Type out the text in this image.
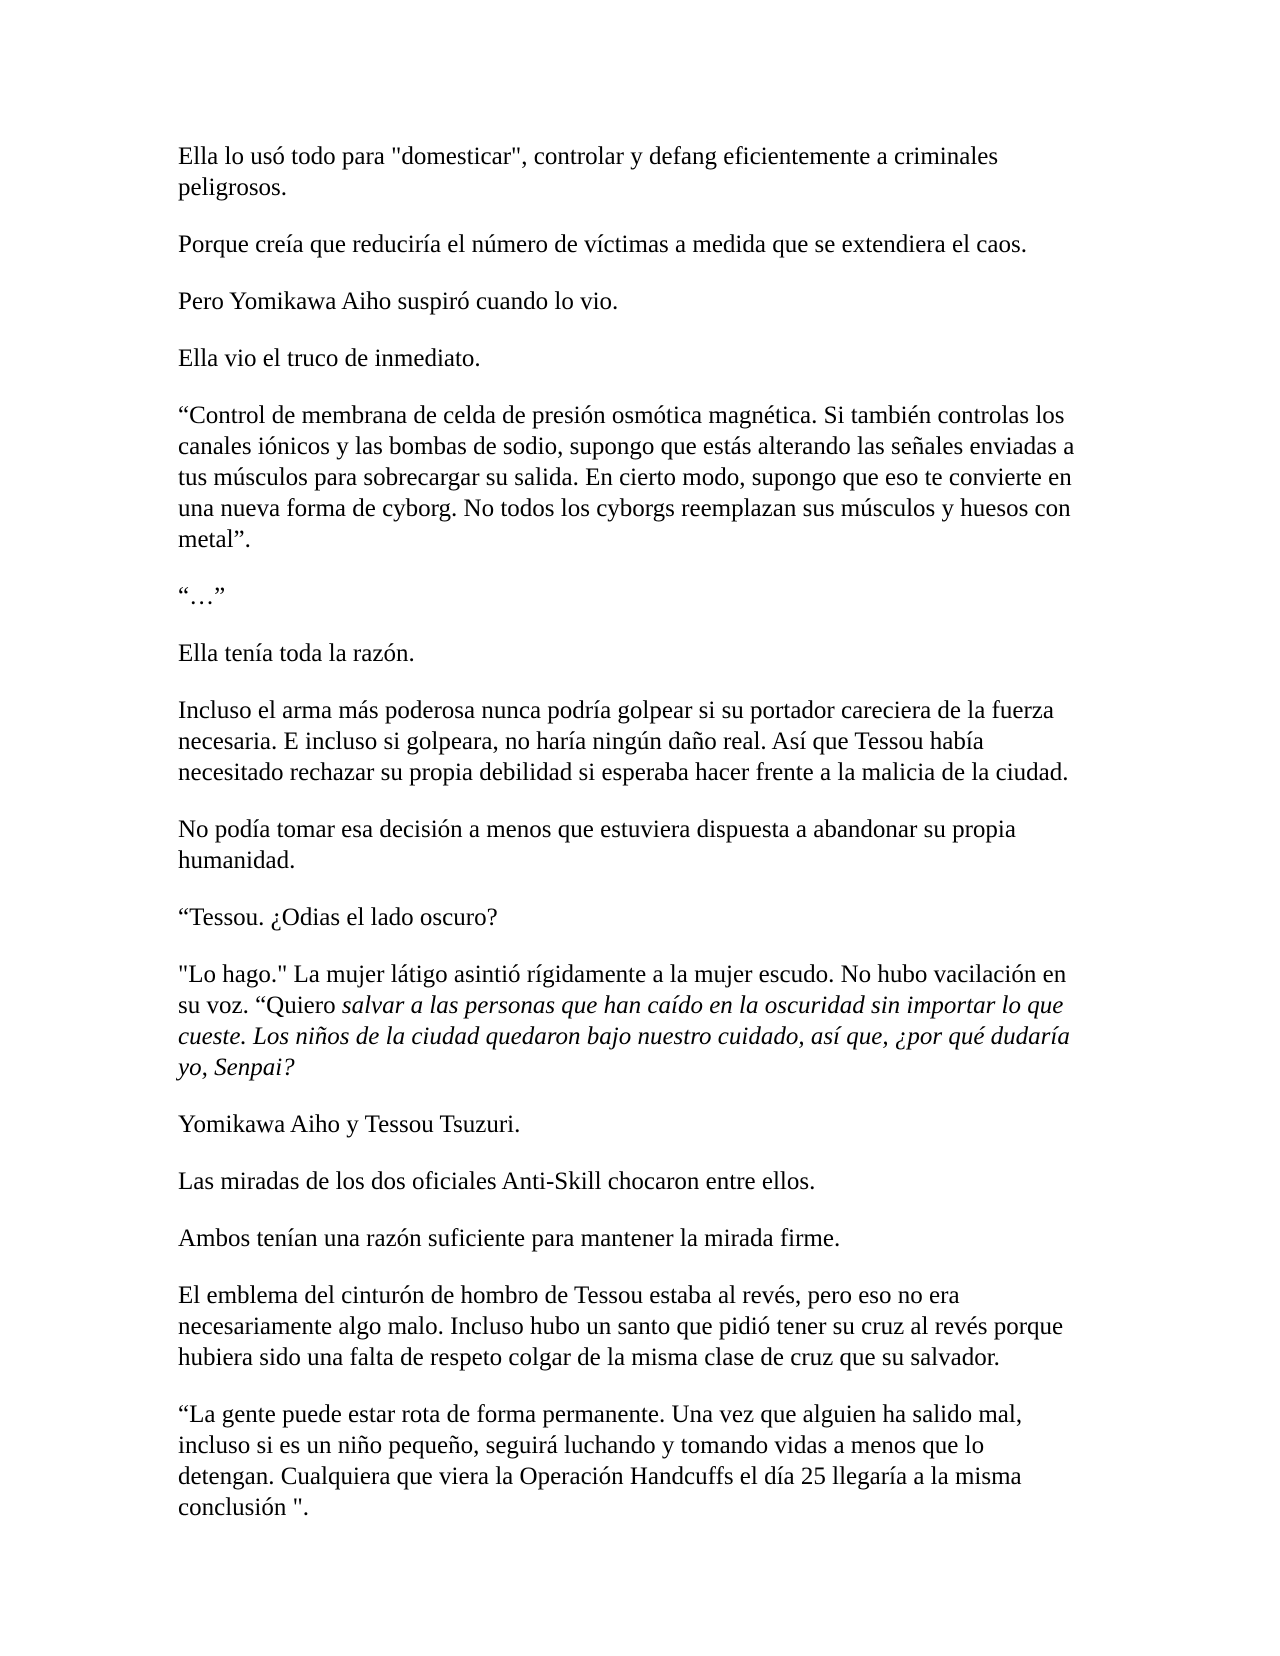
Ella lo usó todo para "domesticar", controlar y defang eficientemente a criminales peligrosos.

Porque creía que reduciría el número de víctimas a medida que se extendiera el caos.

Pero Yomikawa Aiho suspiró cuando lo vio.

Ella vio el truco de inmediato.

“Control de membrana de celda de presión osmótica magnética. Si también controlas los canales iónicos y las bombas de sodio, supongo que estás alterando las señales enviadas a tus músculos para sobrecargar su salida. En cierto modo, supongo que eso te convierte en una nueva forma de cyborg. No todos los cyborgs reemplazan sus músculos y huesos con metal”.

“…”

Ella tenía toda la razón.

Incluso el arma más poderosa nunca podría golpear si su portador careciera de la fuerza necesaria. E incluso si golpeara, no haría ningún daño real. Así que Tessou había necesitado rechazar su propia debilidad si esperaba hacer frente a la malicia de la ciudad.

No podía tomar esa decisión a menos que estuviera dispuesta a abandonar su propia humanidad.

“Tessou. ¿Odias el lado oscuro?

"Lo hago." La mujer látigo asintió rígidamente a la mujer escudo. No hubo vacilación en su voz. “Quiero salvar a las personas que han caído en la oscuridad sin importar lo que cueste. Los niños de la ciudad quedaron bajo nuestro cuidado, así que, ¿por qué dudaría yo, Senpai?

Yomikawa Aiho y Tessou Tsuzuri.

Las miradas de los dos oficiales Anti-Skill chocaron entre ellos.

Ambos tenían una razón suficiente para mantener la mirada firme.

El emblema del cinturón de hombro de Tessou estaba al revés, pero eso no era necesariamente algo malo. Incluso hubo un santo que pidió tener su cruz al revés porque hubiera sido una falta de respeto colgar de la misma clase de cruz que su salvador.

“La gente puede estar rota de forma permanente. Una vez que alguien ha salido mal, incluso si es un niño pequeño, seguirá luchando y tomando vidas a menos que lo detengan. Cualquiera que viera la Operación Handcuffs el día 25 llegaría a la misma conclusión ".
